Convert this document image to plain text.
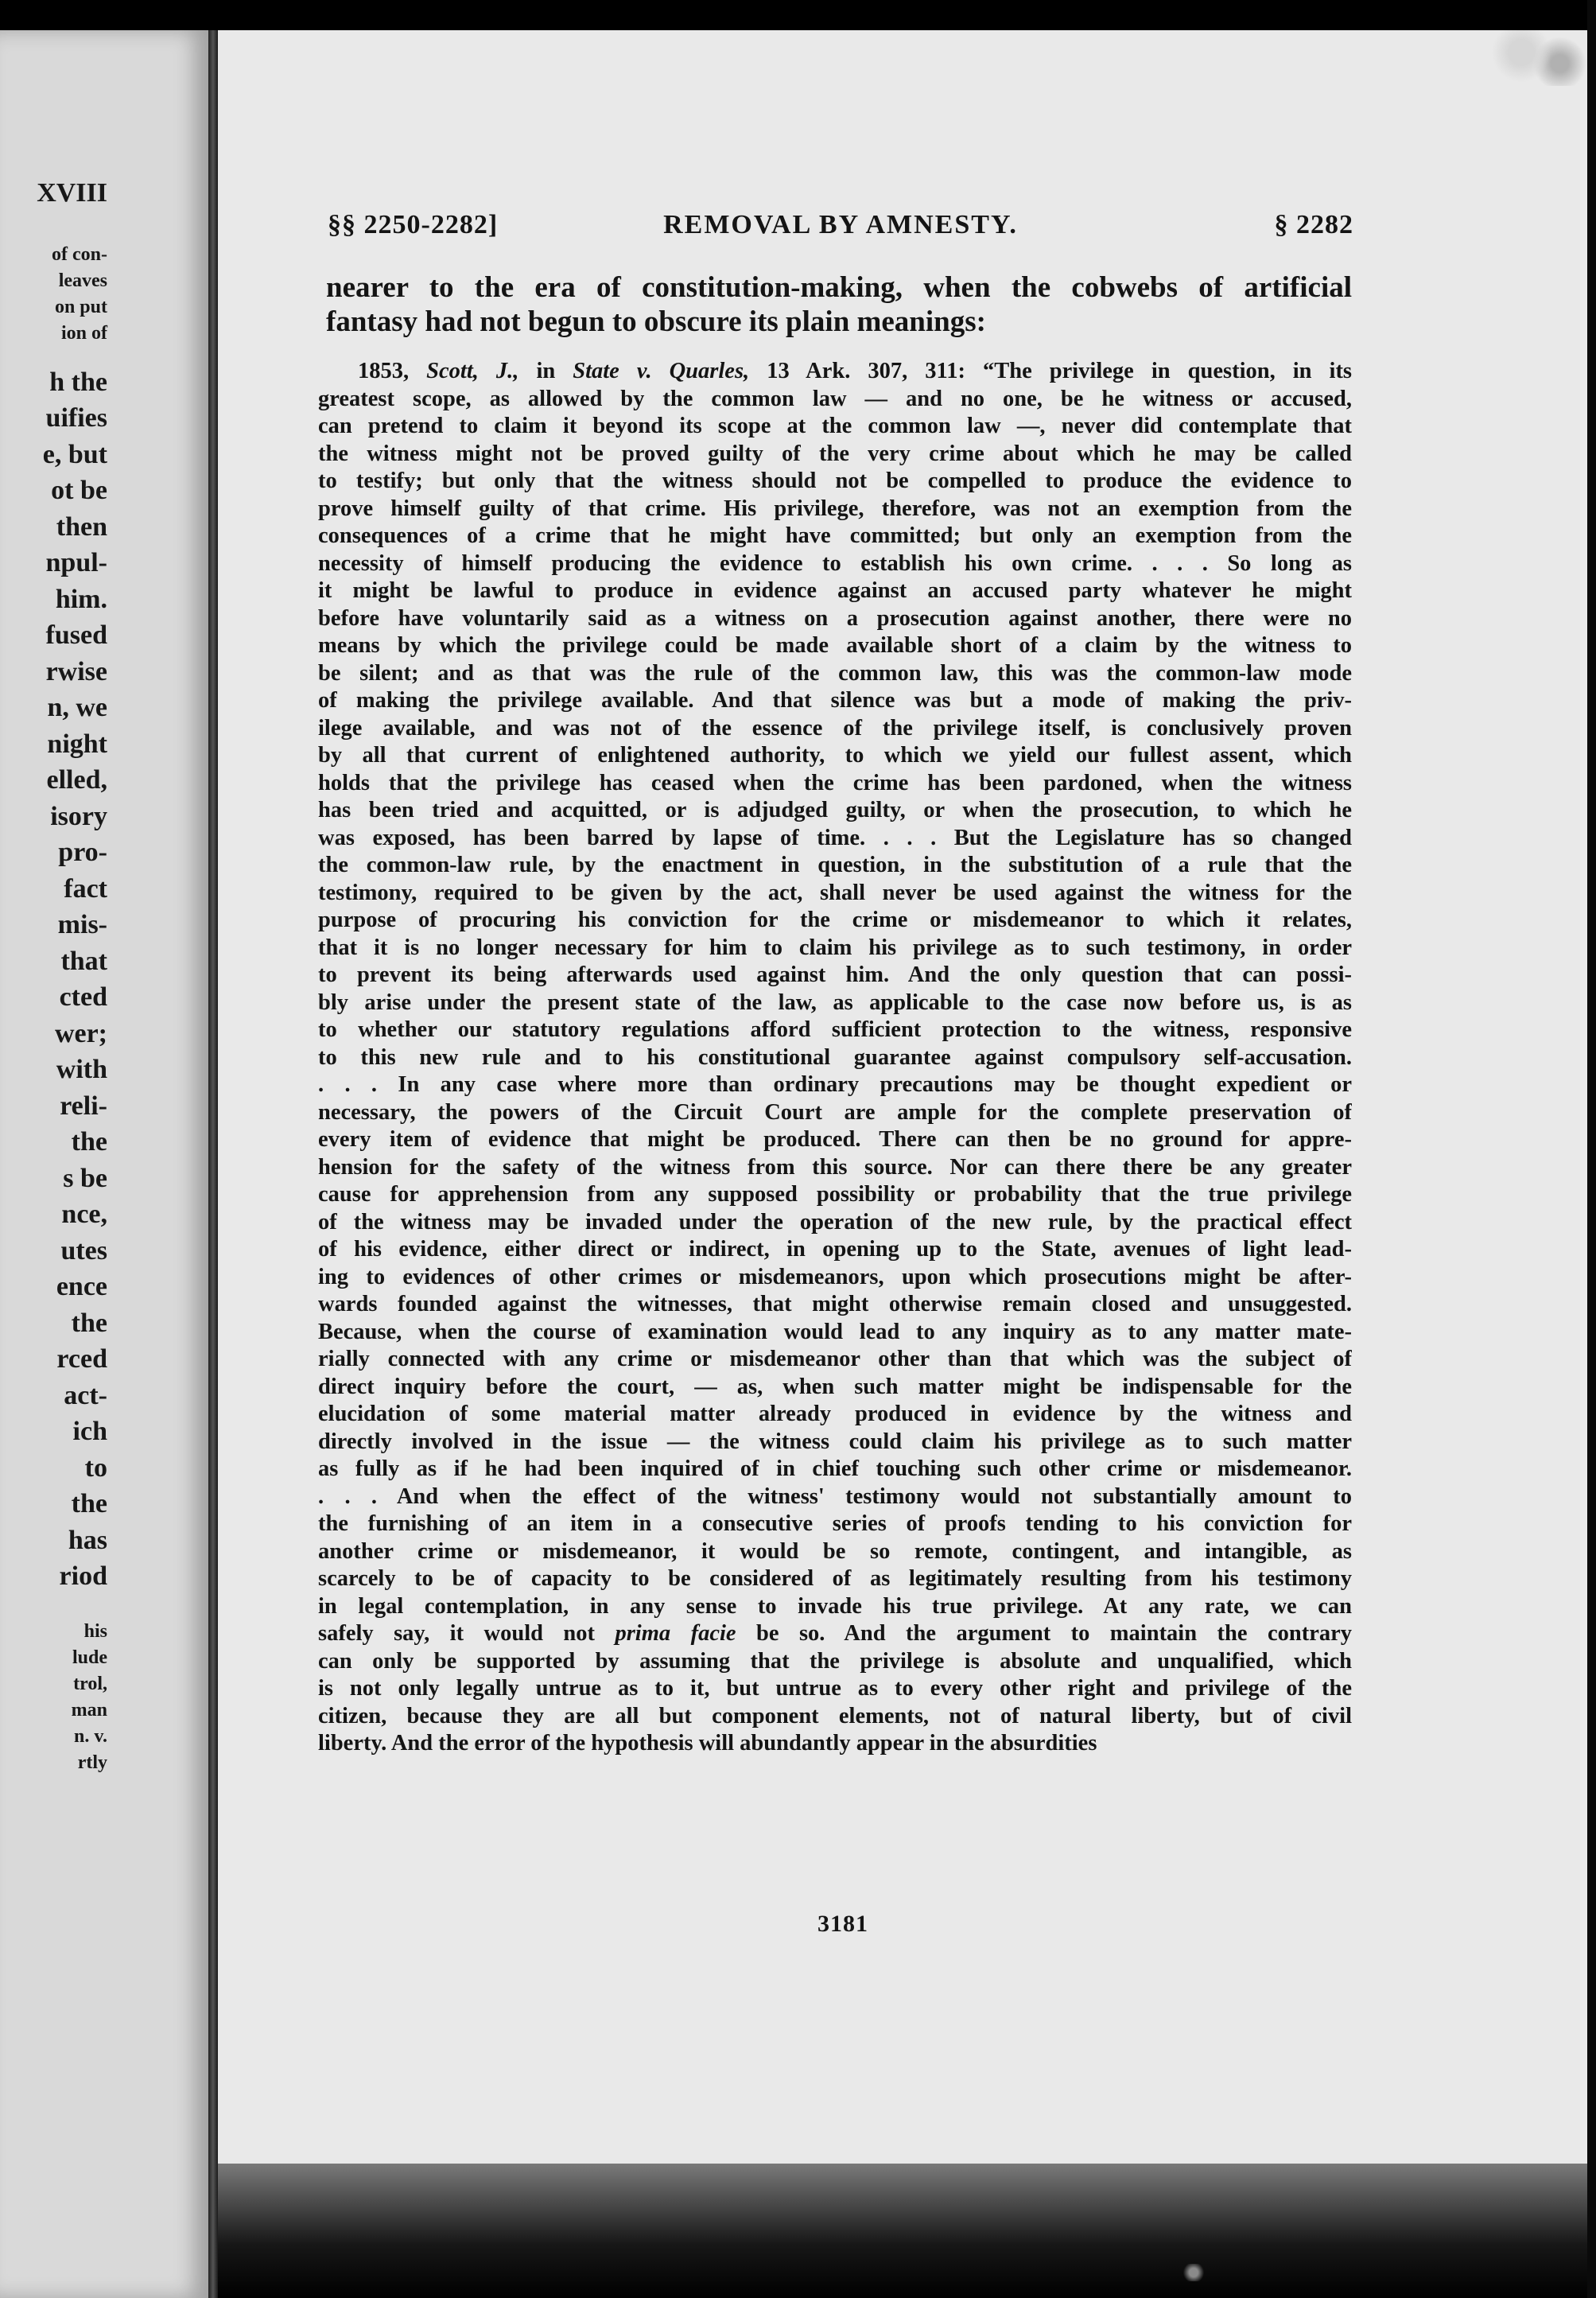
XVIII
of con-
leaves
on put
ion of

h the
uifies
e, but
ot be
then
npul-
him.
fused
rwise
n, we
night
elled,
isory
pro-
fact
mis-
that
cted
wer;
with
reli-
the
s be
nce,
utes
ence
the
rced
act-
ich
to
the
has
riod

his
lude
trol,
man
n. v.
rtly
§§ 2250-2282]	REMOVAL BY AMNESTY.	§ 2282
nearer to the era of constitution-making, when the cobwebs of artificial
fantasy had not begun to obscure its plain meanings:
1853, Scott, J., in State v. Quarles, 13 Ark. 307, 311: “The privilege in question, in its
greatest scope, as allowed by the common law — and no one, be he witness or accused,
can pretend to claim it beyond its scope at the common law —, never did contemplate that
the witness might not be proved guilty of the very crime about which he may be called
to testify; but only that the witness should not be compelled to produce the evidence to
prove himself guilty of that crime. His privilege, therefore, was not an exemption from the
consequences of a crime that he might have committed; but only an exemption from the
necessity of himself producing the evidence to establish his own crime. . . . So long as
it might be lawful to produce in evidence against an accused party whatever he might
before have voluntarily said as a witness on a prosecution against another, there were no
means by which the privilege could be made available short of a claim by the witness to
be silent; and as that was the rule of the common law, this was the common-law mode
of making the privilege available. And that silence was but a mode of making the priv-
ilege available, and was not of the essence of the privilege itself, is conclusively proven
by all that current of enlightened authority, to which we yield our fullest assent, which
holds that the privilege has ceased when the crime has been pardoned, when the witness
has been tried and acquitted, or is adjudged guilty, or when the prosecution, to which he
was exposed, has been barred by lapse of time. . . . But the Legislature has so changed
the common-law rule, by the enactment in question, in the substitution of a rule that the
testimony, required to be given by the act, shall never be used against the witness for the
purpose of procuring his conviction for the crime or misdemeanor to which it relates,
that it is no longer necessary for him to claim his privilege as to such testimony, in order
to prevent its being afterwards used against him. And the only question that can possi-
bly arise under the present state of the law, as applicable to the case now before us, is as
to whether our statutory regulations afford sufficient protection to the witness, responsive
to this new rule and to his constitutional guarantee against compulsory self-accusation.
. . . In any case where more than ordinary precautions may be thought expedient or
necessary, the powers of the Circuit Court are ample for the complete preservation of
every item of evidence that might be produced. There can then be no ground for appre-
hension for the safety of the witness from this source. Nor can there there be any greater
cause for apprehension from any supposed possibility or probability that the true privilege
of the witness may be invaded under the operation of the new rule, by the practical effect
of his evidence, either direct or indirect, in opening up to the State, avenues of light lead-
ing to evidences of other crimes or misdemeanors, upon which prosecutions might be after-
wards founded against the witnesses, that might otherwise remain closed and unsuggested.
Because, when the course of examination would lead to any inquiry as to any matter mate-
rially connected with any crime or misdemeanor other than that which was the subject of
direct inquiry before the court, — as, when such matter might be indispensable for the
elucidation of some material matter already produced in evidence by the witness and
directly involved in the issue — the witness could claim his privilege as to such matter
as fully as if he had been inquired of in chief touching such other crime or misdemeanor.
. . . And when the effect of the witness' testimony would not substantially amount to
the furnishing of an item in a consecutive series of proofs tending to his conviction for
another crime or misdemeanor, it would be so remote, contingent, and intangible, as
scarcely to be of capacity to be considered of as legitimately resulting from his testimony
in legal contemplation, in any sense to invade his true privilege. At any rate, we can
safely say, it would not prima facie be so. And the argument to maintain the contrary
can only be supported by assuming that the privilege is absolute and unqualified, which
is not only legally untrue as to it, but untrue as to every other right and privilege of the
citizen, because they are all but component elements, not of natural liberty, but of civil
liberty. And the error of the hypothesis will abundantly appear in the absurdities
3181
